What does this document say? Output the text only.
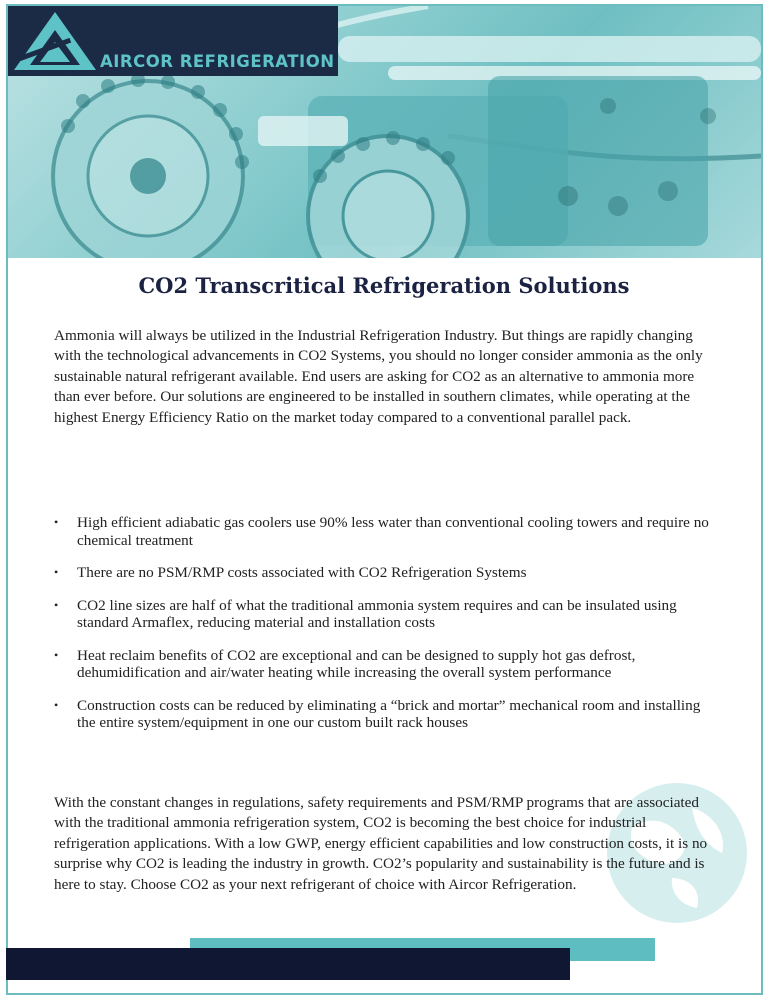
AIRCOR REFRIGERATION
CO2 Transcritical Refrigeration Solutions

Ammonia will always be utilized in the Industrial Refrigeration Industry. But things are rapidly changing with the technological advancements in CO2 Systems, you should no longer consider ammonia as the only sustainable natural refrigerant available. End users are asking for CO2 as an alternative to ammonia more than ever before. Our solutions are engineered to be installed in southern climates, while operating at the highest Energy Efficiency Ratio on the market today compared to a conventional parallel pack.

• High efficient adiabatic gas coolers use 90% less water than conventional cooling towers and require no chemical treatment
• There are no PSM/RMP costs associated with CO2 Refrigeration Systems
• CO2 line sizes are half of what the traditional ammonia system requires and can be insulated using standard Armaflex, reducing material and installation costs
• Heat reclaim benefits of CO2 are exceptional and can be designed to supply hot gas defrost, dehumidification and air/water heating while increasing the overall system performance
• Construction costs can be reduced by eliminating a “brick and mortar” mechanical room and installing the entire system/equipment in one our custom built rack houses

With the constant changes in regulations, safety requirements and PSM/RMP programs that are associated with the traditional ammonia refrigeration system, CO2 is becoming the best choice for industrial refrigeration applications. With a low GWP, energy efficient capabilities and low construction costs, it is no surprise why CO2 is leading the industry in growth. CO2’s popularity and sustainability is the future and is here to stay. Choose CO2 as your next refrigerant of choice with Aircor Refrigeration.
